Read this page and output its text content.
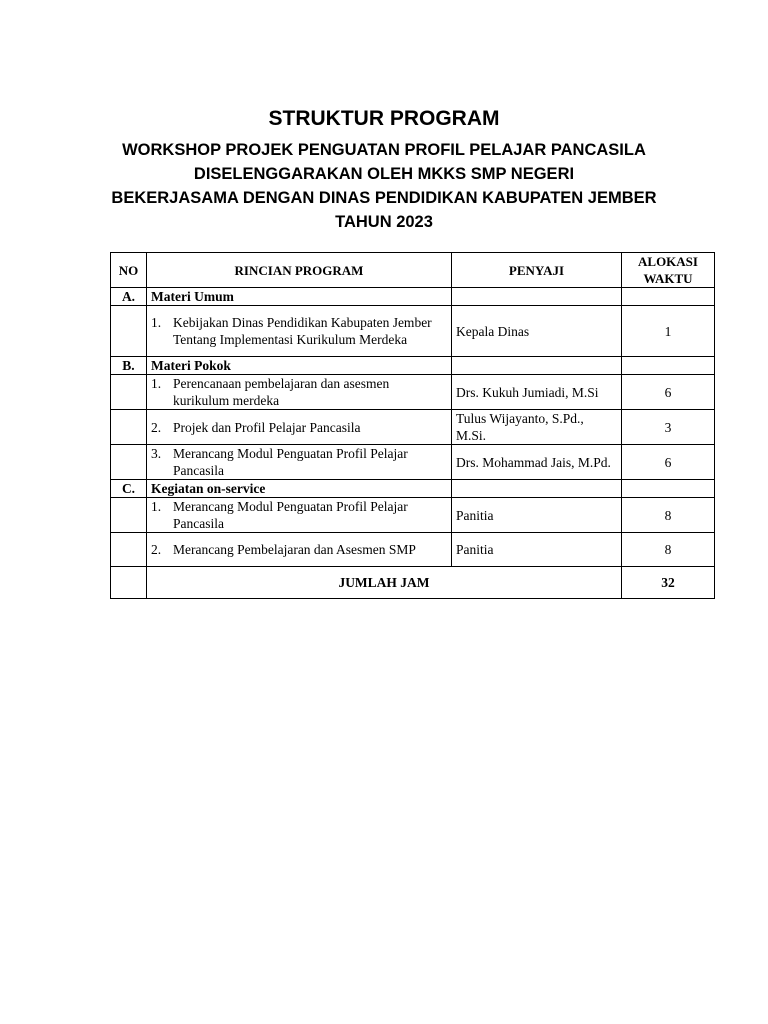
STRUKTUR PROGRAM
WORKSHOP PROJEK PENGUATAN PROFIL PELAJAR PANCASILA
DISELENGGARAKAN OLEH MKKS SMP NEGERI
BEKERJASAMA DENGAN DINAS PENDIDIKAN KABUPATEN JEMBER
TAHUN 2023
NO	RINCIAN PROGRAM	PENYAJI	ALOKASI
WAKTU

A.	Materi Umum		

	1. Kebijakan Dinas Pendidikan Kabupaten Jember Tentang Implementasi Kurikulum Merdeka	Kepala Dinas	1
B.	Materi Pokok		

	1. Perencanaan pembelajaran dan asesmen kurikulum merdeka	Drs. Kukuh Jumiadi, M.Si	6

	2. Projek dan Profil Pelajar Pancasila	Tulus Wijayanto, S.Pd., M.Si.	3

	3. Merancang Modul Penguatan Profil Pelajar Pancasila	Drs. Mohammad Jais, M.Pd.	6
C.	Kegiatan on-service		

	1. Merancang Modul Penguatan Profil Pelajar Pancasila	Panitia	8

	2. Merancang Pembelajaran dan Asesmen SMP	Panitia	8
	JUMLAH JAM		32
